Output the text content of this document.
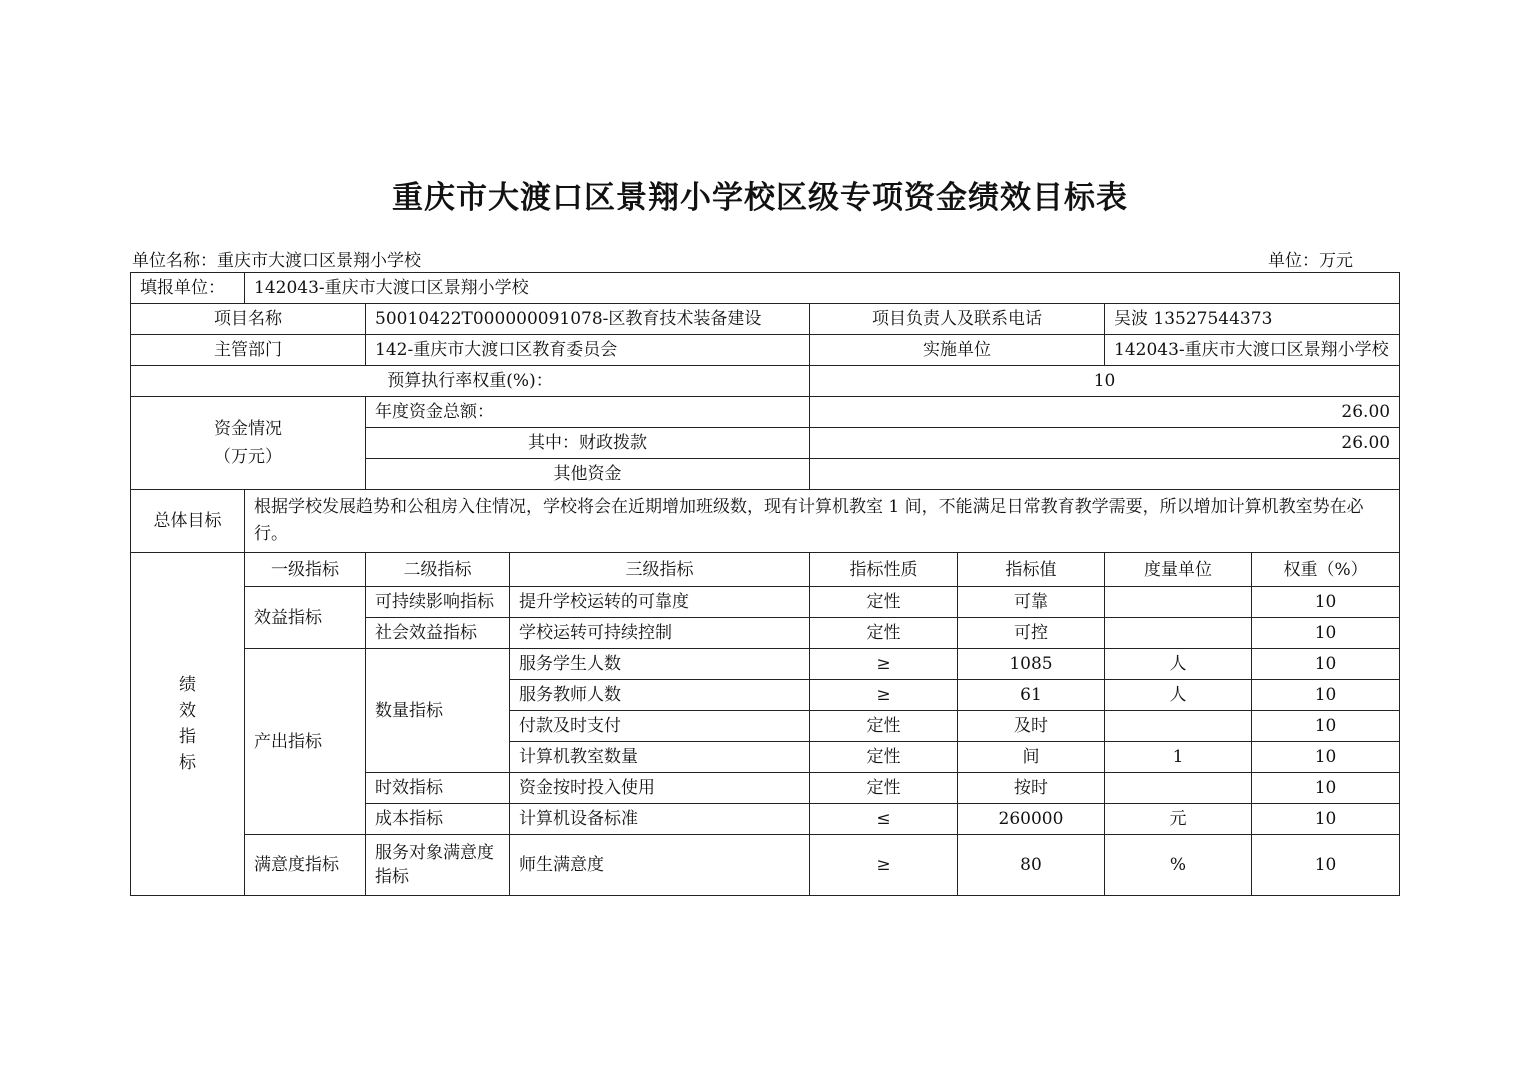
重庆市大渡口区景翔小学校区级专项资金绩效目标表
单位名称：重庆市大渡口区景翔小学校	单位：万元
填报单位：	142043-重庆市大渡口区景翔小学校						
项目名称		50010422T000000091078-区教育技术装备建设		项目负责人及联系电话		吴波 13527544373	
主管部门		142-重庆市大渡口区教育委员会		实施单位		142043-重庆市大渡口区景翔小学校	
预算执行率权重(%)：				10			

资金情况
（万元）		年度资金总额：		26.00			
		其中：财政拨款		26.00			
		其他资金					
总体目标	根据学校发展趋势和公租房入住情况，学校将会在近期增加班级数，现有计算机教室 1 间，不能满足日常教育教学需要，所以增加计算机教室势在必行。						

绩
效
指
标	一级指标	二级指标	三级指标	指标性质	指标值	度量单位	权重（%）
	效益指标	可持续影响指标	提升学校运转的可靠度	定性	可靠		10
		社会效益指标	学校运转可持续控制	定性	可控		10
	产出指标	数量指标	服务学生人数	≥	1085	人	10
			服务教师人数	≥	61	人	10
			付款及时支付	定性	及时		10
			计算机教室数量	定性	间	1	10
		时效指标	资金按时投入使用	定性	按时		10
		成本指标	计算机设备标准	≤	260000	元	10
	满意度指标	服务对象满意度指标	师生满意度	≥	80	%	10
